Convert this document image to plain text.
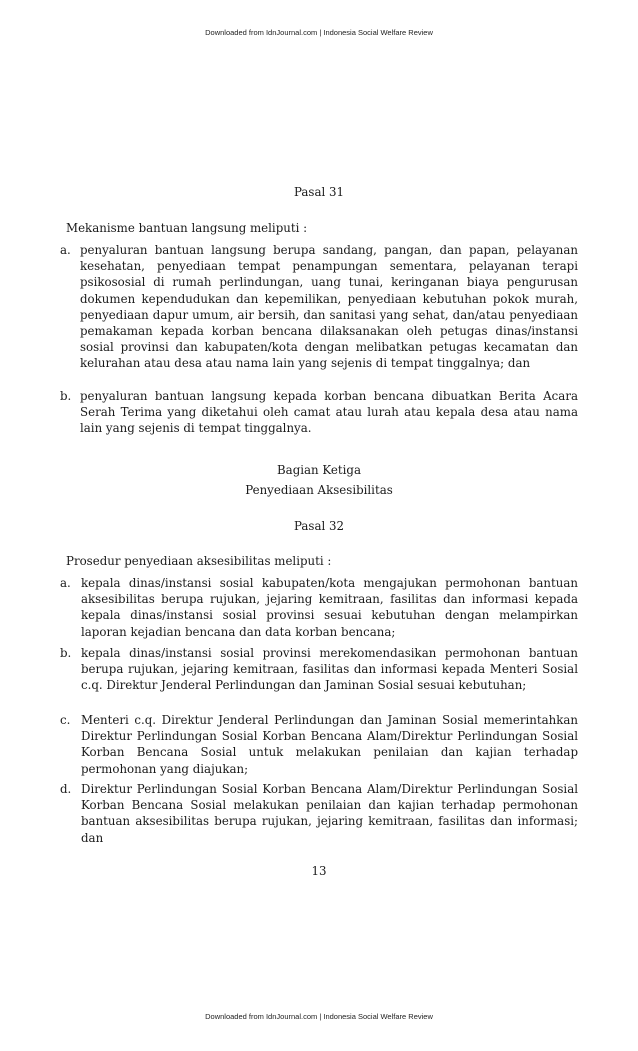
Downloaded from IdnJournal.com | Indonesia Social Welfare Review
Pasal 31
Mekanisme bantuan langsung meliputi :
a. penyaluran bantuan langsung berupa sandang, pangan, dan papan, pelayanan kesehatan, penyediaan tempat penampungan sementara, pelayanan terapi psikososial di rumah perlindungan, uang tunai, keringanan biaya pengurusan dokumen kependudukan dan kepemilikan, penyediaan kebutuhan pokok murah, penyediaan dapur umum, air bersih, dan sanitasi yang sehat, dan/atau penyediaan pemakaman kepada korban bencana dilaksanakan oleh petugas dinas/instansi sosial provinsi dan kabupaten/kota dengan melibatkan petugas kecamatan dan kelurahan atau desa atau nama lain yang sejenis di tempat tinggalnya; dan
b. penyaluran bantuan langsung kepada korban bencana dibuatkan Berita Acara Serah Terima yang diketahui oleh camat atau lurah atau kepala desa atau nama lain yang sejenis di tempat tinggalnya.
Bagian Ketiga
Penyediaan Aksesibilitas
Pasal 32
Prosedur penyediaan aksesibilitas meliputi :
a. kepala dinas/instansi sosial kabupaten/kota mengajukan permohonan bantuan aksesibilitas berupa rujukan, jejaring kemitraan, fasilitas dan informasi kepada kepala dinas/instansi sosial provinsi sesuai kebutuhan dengan melampirkan laporan kejadian bencana dan data korban bencana;
b. kepala dinas/instansi sosial provinsi merekomendasikan permohonan bantuan berupa rujukan, jejaring kemitraan, fasilitas dan informasi kepada Menteri Sosial c.q. Direktur Jenderal Perlindungan dan Jaminan Sosial sesuai kebutuhan;
c. Menteri c.q. Direktur Jenderal Perlindungan dan Jaminan Sosial memerintahkan Direktur Perlindungan Sosial Korban Bencana Alam/Direktur Perlindungan Sosial Korban Bencana Sosial untuk melakukan penilaian dan kajian terhadap permohonan yang diajukan;
d. Direktur Perlindungan Sosial Korban Bencana Alam/Direktur Perlindungan Sosial Korban Bencana Sosial melakukan penilaian dan kajian terhadap permohonan bantuan aksesibilitas berupa rujukan, jejaring kemitraan, fasilitas dan informasi; dan
13
Downloaded from IdnJournal.com | Indonesia Social Welfare Review
